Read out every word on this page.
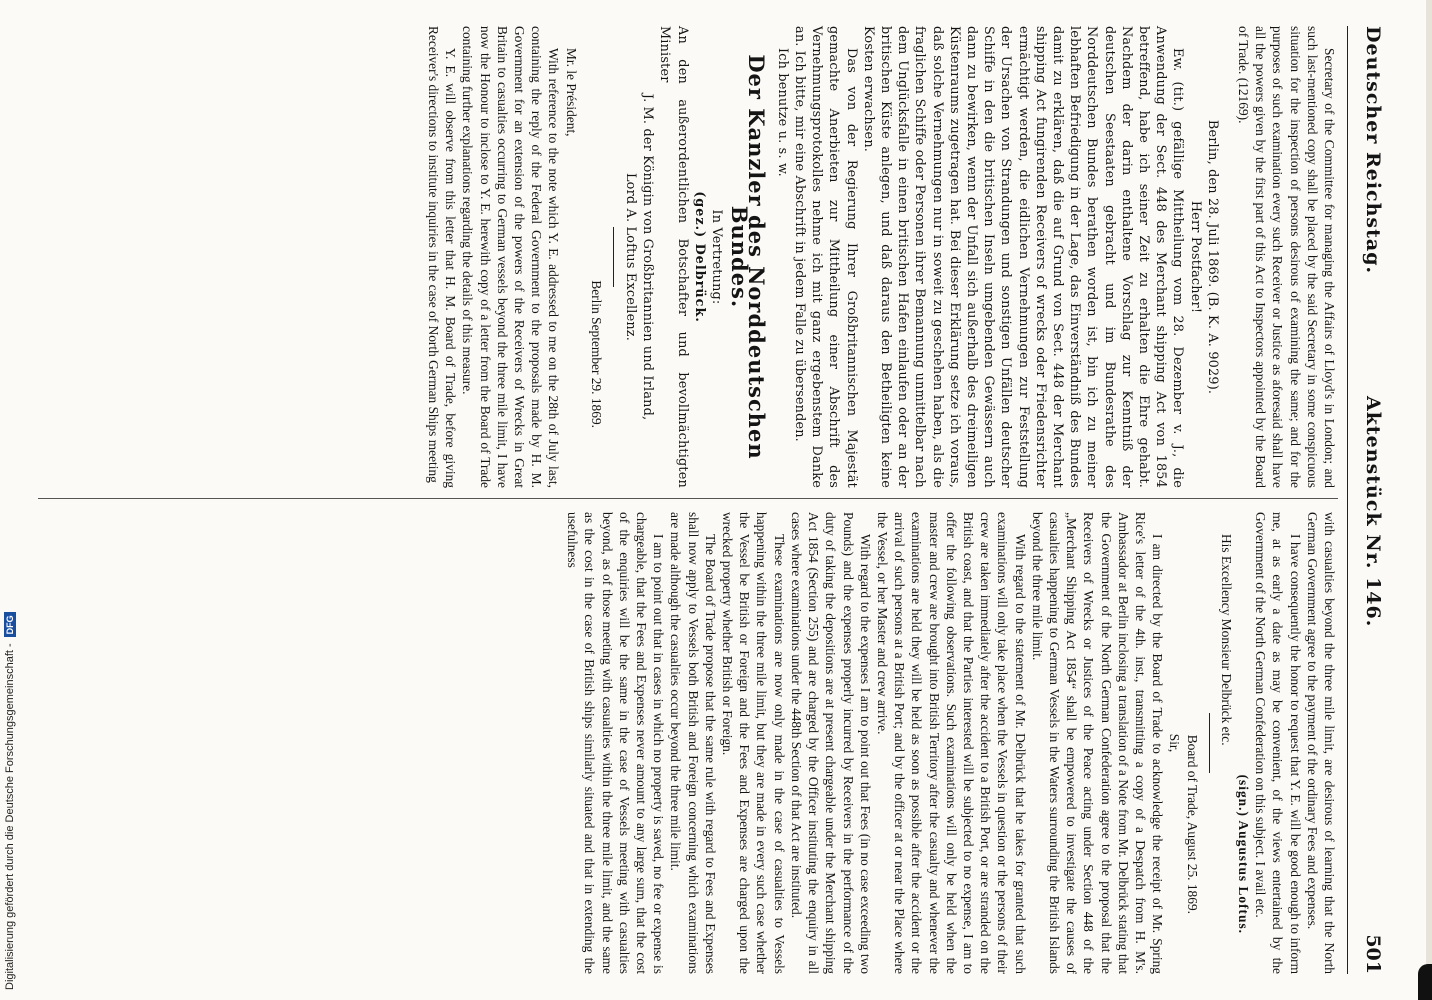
Deutscher Reichstag.
Aktenstück Nr. 146.
501

Secretary of the Committee for managing the Affairs of Lloyd's in London; and such last-mentioned copy shall be placed by the said Secretary in some conspicuous situation for the inspection of persons desirous of examining the same; and for the purposes of such examination every such Receiver or Justice as aforesaid shall have all the powers given by the first part of this Act to Inspectors appointed by the Board of Trade. (12169).

Berlin, den 28. Juli 1869. (B. K. A. 9029).

Herr Postfacher!

Ew. (tit.) gefällige Mittheilung vom 28. Dezember v. J., die Anwendung der Sect. 448 des Merchant shipping Act von 1854 betreffend, habe ich seiner Zeit zu erhalten die Ehre gehabt. Nachdem der darin enthaltene Vorschlag zur Kenntniß der deutschen Seestaaten gebracht und im Bundesrathe des Norddeutschen Bundes berathen worden ist, bin ich zu meiner lebhaften Befriedigung in der Lage, das Einverständniß des Bundes damit zu erklären, daß die auf Grund von Sect. 448 der Merchant shipping Act fungirenden Receivers of wrecks oder Friedensrichter ermächtigt werden, die eidlichen Vernehmungen zur Feststellung der Ursachen von Strandungen und sonstigen Unfällen deutscher Schiffe in den die britischen Inseln umgebenden Gewässern auch dann zu bewirken, wenn der Unfall sich außerhalb des dreimeiligen Küstenraums zugetragen hat. Bei dieser Erklärung setze ich voraus, daß solche Vernehmungen nur in soweit zu geschehen haben, als die fraglichen Schiffe oder Personen ihrer Bemannung unmittelbar nach dem Unglücksfalle in einen britischen Hafen einlaufen oder an der britischen Küste anlegen, und daß daraus den Betheiligten keine Kosten erwachsen.

Das von der Regierung Ihrer Großbritannischen Majestät gemachte Anerbieten zur Mittheilung einer Abschrift des Vernehmungsprotokolles nehme ich mit ganz ergebenstem Danke an. Ich bitte, mir eine Abschrift in jedem Falle zu übersenden.

Ich benutze u. s. w.

Der Kanzler des Norddeutschen Bundes.

In Vertretung:

(gez.) Delbrück.

An den außerordentlichen Botschafter und bevollmächtigten Minister

J. M. der Königin von Großbritannien und Irland,

Lord A. Loftus Excellenz.

Berlin September 29. 1869.

Mr. le Président,

With reference to the note which Y. E. addressed to me on the 28th of July last, containing the reply of the Federal Government to the proposals made by H. M. Government for an extension of the powers of the Receivers of Wrecks in Great Britain to casualties occurring to German vessels beyond the three mile limit, I have now the Honour to inclose to Y. E. herewith copy of a letter from the Board of Trade containing further explanations regarding the details of this measure.

Y. E. will observe from this letter that H. M. Board of Trade, before giving Receiver's directions to institute inquiries in the case of North German Ships meeting

with casualties beyond the three mile limit, are desirous of learning that the North German Government agree to the payment of the ordinary Fees and expenses.

I have consequently the honor to request that Y. E. will be good enough to inform me, at as early a date as may be convenient, of the views entertained by the Government of the North German Confederation on this subject. I avail etc.

(sign.) Augustus Loftus.

His Excellency Monsieur Delbrück etc.

Board of Trade, August 25. 1869.

Sir,

I am directed by the Board of Trade to acknowledge the receipt of Mr. Spring Rice's letter of the 4th. inst., transmitting a copy of a Despatch from H. M's. Ambassador at Berlin inclosing a translation of a Note from Mr. Delbrück stating that the Government of the North German Confederation agree to the proposal that the Receivers of Wrecks or Justices of the Peace acting under Section 448 of the „Merchant Shipping Act 1854“ shall be empowered to investigate the causes of casualties happening to German Vessels in the Waters surrounding the British Islands beyond the three mile limit.

With regard to the statement of Mr. Delbrück that he takes for granted that such examinations will only take place when the Vessels in question or the persons of their crew are taken immediately after the accident to a British Port, or are stranded on the British coast, and that the Parties interested will be subjected to no expense, I am to offer the following observations. Such examinations will only be held when the master and crew are brought into British Territory after the casualty and whenever the examinations are held they will be held as soon as possible after the accident or the arrival of such persons at a British Port; and by the officer at or near the Place where the Vessel, or her Master and crew arrive.

With regard to the expenses I am to point out that Fees (in no case exceeding two Pounds) and the expenses properly incurred by Receivers in the performance of the duty of taking the depositions are at present chargeable under the Merchant shipping Act 1854 (Section 255) and are charged by the Officer instituting the enquiry in all cases where examinations under the 448th Section of that Act are instituted.

These examinations are now only made in the case of casualties to Vessels happening within the three mile limit, but they are made in every such case whether the Vessel be British or Foreign and the Fees and Expenses are charged upon the wrecked property whether British or Foreign.

The Board of Trade propose that the same rule with regard to Fees and Expenses shall now apply to Vessels both British and Foreign concerning which examinations are made although the casualties occur beyond the three mile limit.

I am to point out that in cases in which no property is saved, no fee or expense is chargeable, that the Fees and Expenses never amount to any large sum, that the cost of the enquiries will be the same in the case of Vessels meeting with casualties beyond, as of those meeting with casualties within the three mile limit, and the same as the cost in the case of British ships similarly situated and that in extending the usefulness

Digitalisierung gefördert durch die Deutsche Forschungsgemeinschaft -DFG
